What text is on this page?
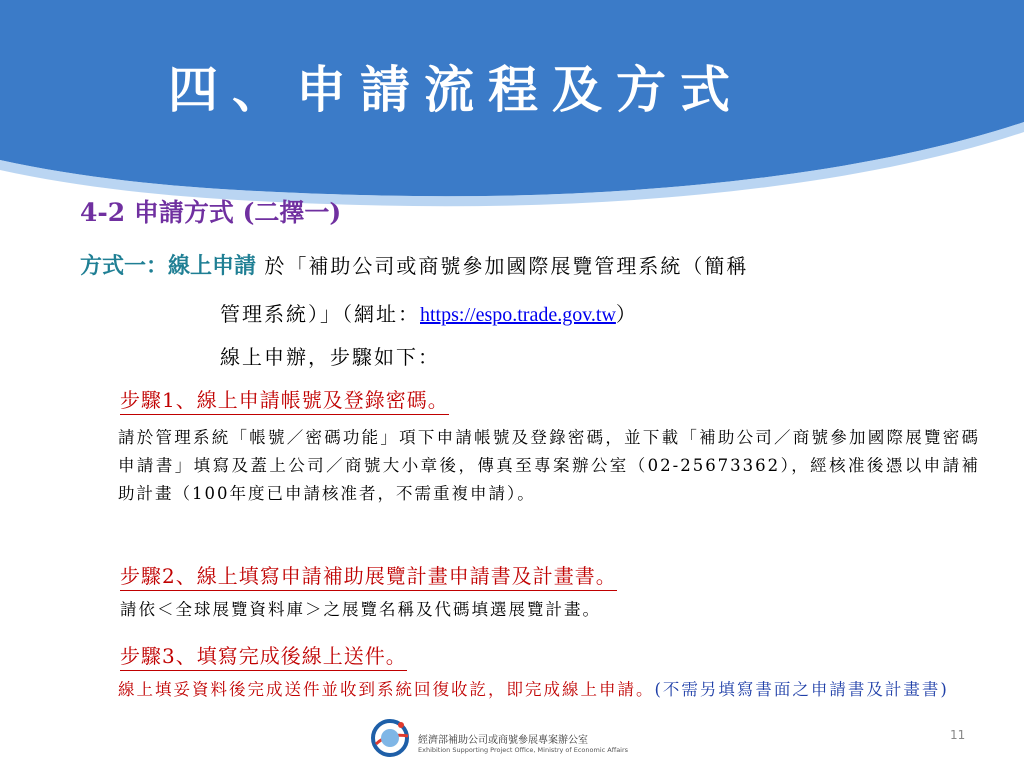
四、申請流程及方式
4-2 申請方式 (二擇一)
方式一：線上申請 於「補助公司或商號參加國際展覽管理系統（簡稱
管理系統）」（網址：https://espo.trade.gov.tw）
線上申辦，步驟如下：
步驟1、線上申請帳號及登錄密碼。
請於管理系統「帳號／密碼功能」項下申請帳號及登錄密碼，並下載「補助公司／商號參加國際展覽密碼申請書」填寫及蓋上公司／商號大小章後，傳真至專案辦公室（02-25673362），經核准後憑以申請補助計畫（100年度已申請核准者，不需重複申請）。
步驟2、線上填寫申請補助展覽計畫申請書及計畫書。
請依＜全球展覽資料庫＞之展覽名稱及代碼填選展覽計畫。
步驟3、填寫完成後線上送件。
線上填妥資料後完成送件並收到系統回復收訖，即完成線上申請。(不需另填寫書面之申請書及計畫書)
經濟部補助公司或商號參展專案辦公室
Exhibition Supporting Project Office, Ministry of Economic Affairs
11
